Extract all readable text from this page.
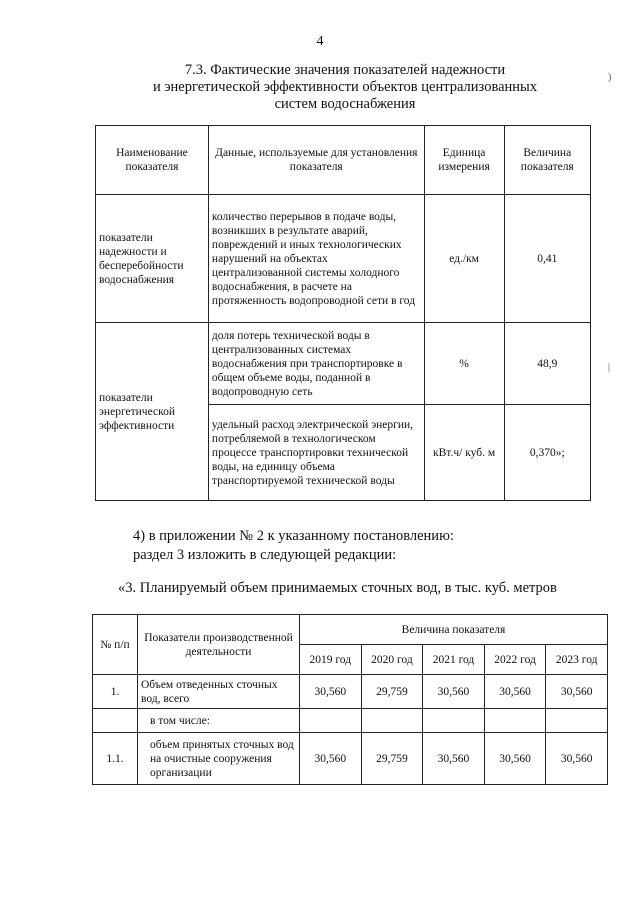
4
7.3. Фактические значения показателей надежности
и энергетической эффективности объектов централизованных
систем водоснабжения
Наименование показателя	Данные, используемые для установления показателя	Единица измерения	Величина показателя
показатели надежности и бесперебойности водоснабжения	количество перерывов в подаче воды, возникших в результате аварий, повреждений и иных технологических нарушений на объектах централизованной системы холодного водоснабжения, в расчете на протяженность водопроводной сети в год	ед./км	0,41
показатели энергетической эффективности	доля потерь технической воды в централизованных системах водоснабжения при транспортировке в общем объеме воды, поданной в водопроводную сеть	%	48,9
	удельный расход электрической энергии, потребляемой в технологическом процессе транспортировки технической воды, на единицу объема транспортируемой технической воды	кВт.ч/ куб. м	0,370»;
4) в приложении № 2 к указанному постановлению:
раздел 3 изложить в следующей редакции:
«3. Планируемый объем принимаемых сточных вод, в тыс. куб. метров
№ п/п	Показатели производственной деятельности	Величина показателя				
		2019 год	2020 год	2021 год	2022 год	2023 год
1.	Объем отведенных сточных вод, всего	30,560	29,759	30,560	30,560	30,560
	в том числе:					
1.1.	объем принятых сточных вод на очистные сооружения организации	30,560	29,759	30,560	30,560	30,560
)
|
